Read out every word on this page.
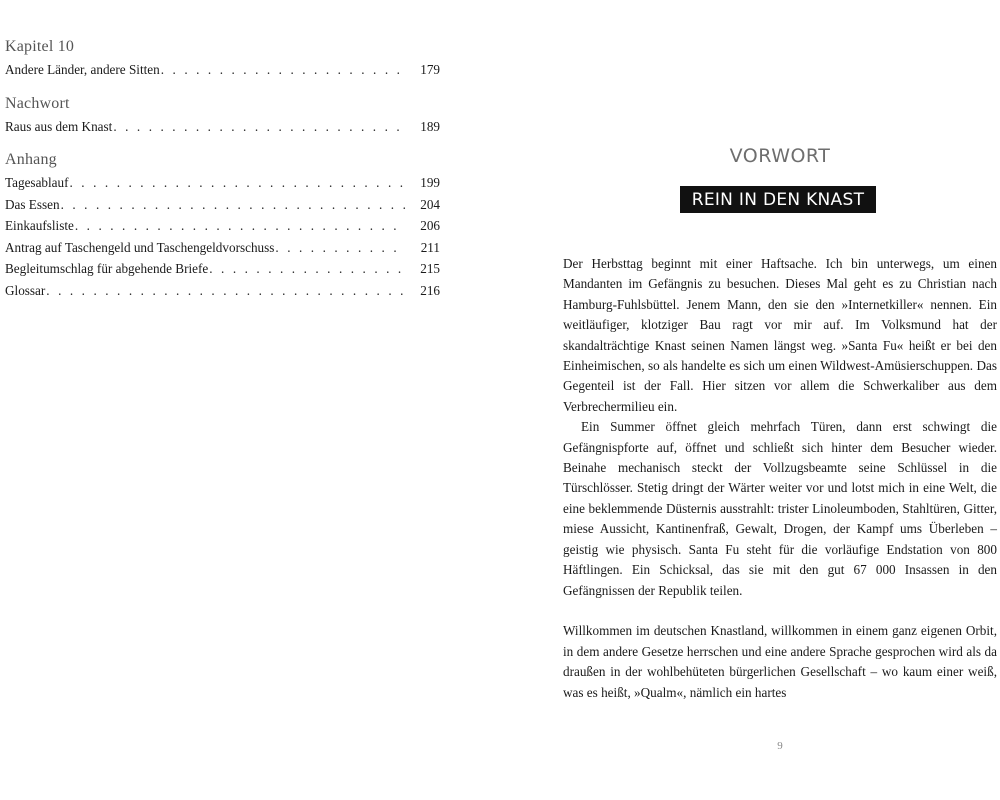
Kapitel 10
Andere Länder, andere Sitten . . .	179
Nachwort
Raus aus dem Knast . . .	189
Anhang
Tagesablauf . . .	199
Das Essen . . .	204
Einkaufsliste . . .	206
Antrag auf Taschengeld und Taschengeldvorschuss . . .	211
Begleitumschlag für abgehende Briefe . . .	215
Glossar . . .	216
VORWORT
REIN IN DEN KNAST

Der Herbsttag beginnt mit einer Haftsache. Ich bin unterwegs, um einen Mandanten im Gefängnis zu besuchen. Dieses Mal geht es zu Christian nach Hamburg-Fuhlsbüttel. Jenem Mann, den sie den »Internetkiller« nennen. Ein weitläufiger, klotziger Bau ragt vor mir auf. Im Volksmund hat der skandalträchtige Knast seinen Namen längst weg. »Santa Fu« heißt er bei den Einheimischen, so als handelte es sich um einen Wildwest-Amüsierschuppen. Das Gegenteil ist der Fall. Hier sitzen vor allem die Schwerkaliber aus dem Verbrechermilieu ein.

Ein Summer öffnet gleich mehrfach Türen, dann erst schwingt die Gefängnispforte auf, öffnet und schließt sich hinter dem Besucher wieder. Beinahe mechanisch steckt der Vollzugsbeamte seine Schlüssel in die Türschlösser. Stetig dringt der Wärter weiter vor und lotst mich in eine Welt, die eine beklemmende Düsternis ausstrahlt: trister Linoleumboden, Stahltüren, Gitter, miese Aussicht, Kantinenfraß, Gewalt, Drogen, der Kampf ums Überleben – geistig wie physisch. Santa Fu steht für die vorläufige Endstation von 800 Häftlingen. Ein Schicksal, das sie mit den gut 67 000 Insassen in den Gefängnissen der Republik teilen.

Willkommen im deutschen Knastland, willkommen in einem ganz eigenen Orbit, in dem andere Gesetze herrschen und eine andere Sprache gesprochen wird als da draußen in der wohlbehüteten bürgerlichen Gesellschaft – wo kaum einer weiß, was es heißt, »Qualm«, nämlich ein hartes

9
